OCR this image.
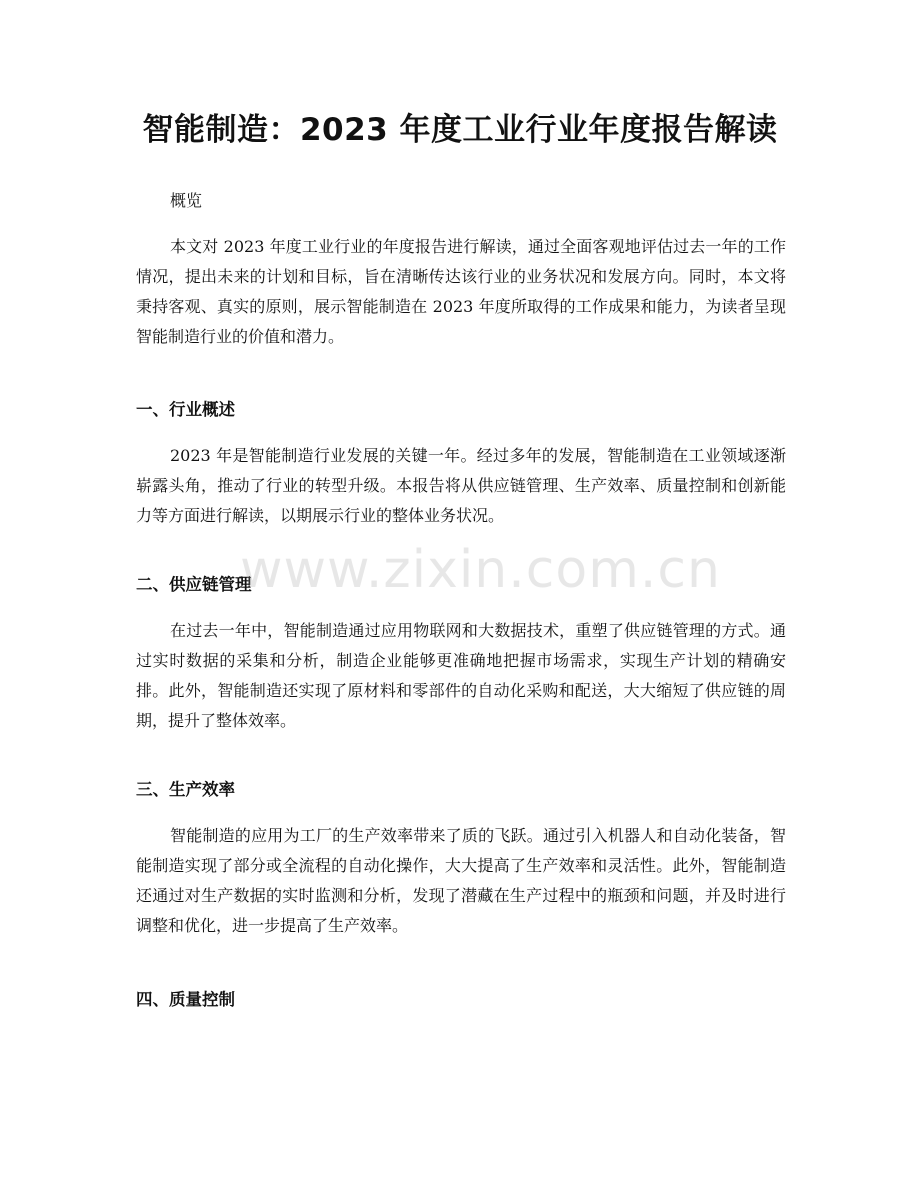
智能制造：2023 年度工业行业年度报告解读

概览

本文对 2023 年度工业行业的年度报告进行解读，通过全面客观地评估过去一年的工作情况，提出未来的计划和目标，旨在清晰传达该行业的业务状况和发展方向。同时，本文将秉持客观、真实的原则，展示智能制造在 2023 年度所取得的工作成果和能力，为读者呈现智能制造行业的价值和潜力。

一、行业概述

2023 年是智能制造行业发展的关键一年。经过多年的发展，智能制造在工业领域逐渐崭露头角，推动了行业的转型升级。本报告将从供应链管理、生产效率、质量控制和创新能力等方面进行解读，以期展示行业的整体业务状况。

二、供应链管理

在过去一年中，智能制造通过应用物联网和大数据技术，重塑了供应链管理的方式。通过实时数据的采集和分析，制造企业能够更准确地把握市场需求，实现生产计划的精确安排。此外，智能制造还实现了原材料和零部件的自动化采购和配送，大大缩短了供应链的周期，提升了整体效率。

三、生产效率

智能制造的应用为工厂的生产效率带来了质的飞跃。通过引入机器人和自动化装备，智能制造实现了部分或全流程的自动化操作，大大提高了生产效率和灵活性。此外，智能制造还通过对生产数据的实时监测和分析，发现了潜藏在生产过程中的瓶颈和问题，并及时进行调整和优化，进一步提高了生产效率。

四、质量控制
www.zixin.com.cn
